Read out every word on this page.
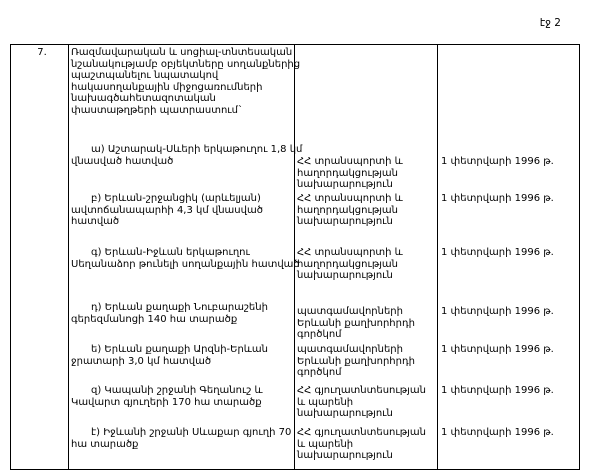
էջ 2
7.	Ռազմավարական և սոցիալ-տնտեսական նշանակությամբ օբյեկտները սողանքներից պաշտպանելու նպատակով հակասողանքային միջոցառումների նախագծահետազոտական փաստաթղթերի պատրաստում`
ա) Աշտարակ-Սևերի երկաթուղու 1,8 կմ վնասված հատված	ՀՀ տրանսպորտի և հաղորդակցության նախարարություն
1 փետրվարի 1996 թ.
բ) Երևան-շրջանցիկ (արևելյան) ավտոճանապարհի 4,3 կմ վնասված հատված
ՀՀ տրանսպորտի և հաղորդակցության նախարարություն
1 փետրվարի 1996 թ.
գ) Երևան-Իջևան երկաթուղու Սեղանաձոր թունելի սողանքային հատված
ՀՀ տրանսպորտի և հաղորդակցության նախարարություն
1 փետրվարի 1996 թ.
դ) Երևան քաղաքի Նուբարաշենի գերեզմանոցի 140 հա տարածք
պատգամավորների Երևանի քաղխորհրդի գործկոմ
1 փետրվարի 1996 թ.
ե) Երևան քաղաքի Արզնի-Երևան ջրատարի 3,0 կմ հատված
պատգամավորների Երևանի քաղխորհրդի գործկոմ
1 փետրվարի 1996 թ.
զ) Կապանի շրջանի Գեղանուշ և Կավարտ գյուղերի 170 հա տարածք
ՀՀ գյուղատնտեսության և պարենի նախարարություն
1 փետրվարի 1996 թ.
է) Իջևանի շրջանի Սևաքար գյուղի 70 հա տարածք
ՀՀ գյուղատնտեսության և պարենի նախարարություն
1 փետրվարի 1996 թ.
